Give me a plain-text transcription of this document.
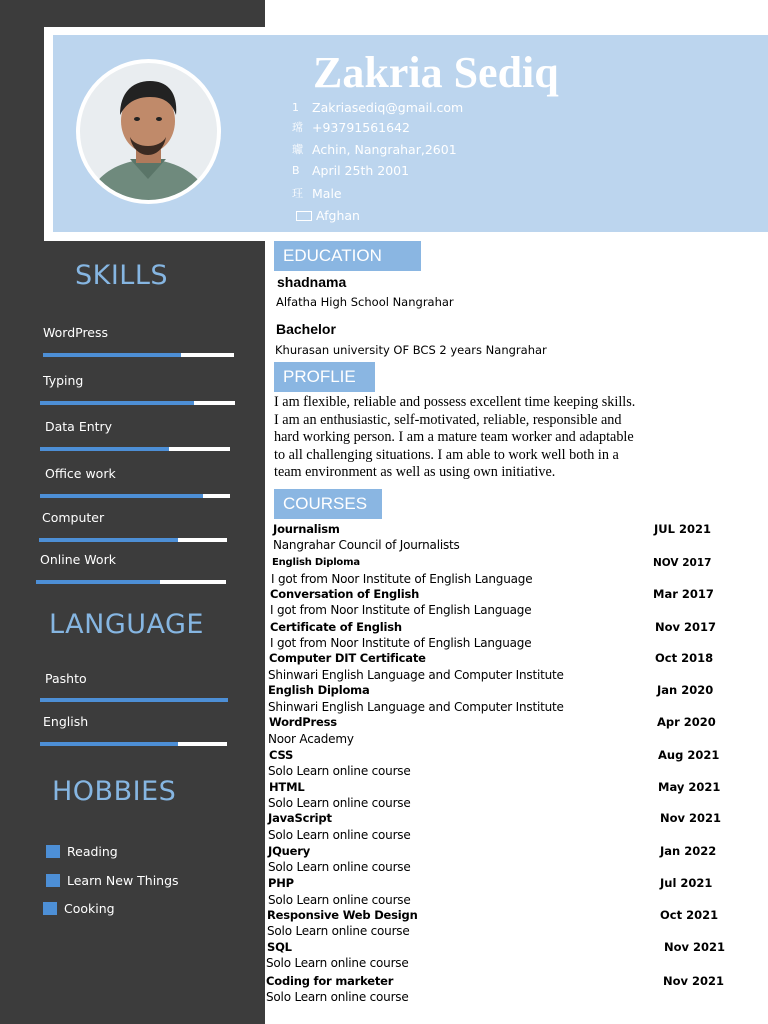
Zakria Sediq
1	Zakriasediq@gmail.com
瑺 +93791561642
瓛 Achin, Nangrahar,2601
B April 25th 2001
玨 Male
Afghan
SKILLS
WordPress
Typing
Data Entry
Office work
Computer
Online Work
LANGUAGE
Pashto
English
HOBBIES
Reading
Learn New Things
Cooking
EDUCATION
shadnama
Alfatha High School Nangrahar
Bachelor
Khurasan university OF BCS 2 years Nangrahar
PROFLIE
I am flexible, reliable and possess excellent time keeping skills.
I am an enthusiastic, self-motivated, reliable, responsible and
hard working person. I am a mature team worker and adaptable
to all challenging situations. I am able to work well both in a
team environment as well as using own initiative.
COURSES
Journalism
Nangrahar Council of Journalists
JUL 2021
English Diploma
I got from Noor Institute of English Language
NOV 2017
Conversation of English
I got from Noor Institute of English Language
Mar 2017
Certificate of English
I got from Noor Institute of English Language
Nov 2017
Computer DIT Certificate
Shinwari English Language and Computer Institute
Oct 2018
English Diploma
Shinwari English Language and Computer Institute
Jan 2020
WordPress
Noor Academy
Apr 2020
CSS
Solo Learn online course
Aug 2021
HTML
Solo Learn online course
May 2021
JavaScript
Solo Learn online course
Nov 2021
JQuery
Solo Learn online course
Jan 2022
PHP
Solo Learn online course
Jul 2021
Responsive Web Design
Solo Learn online course
Oct 2021
SQL
Solo Learn online course
Nov 2021
Coding for marketer
Solo Learn online course
Nov 2021
